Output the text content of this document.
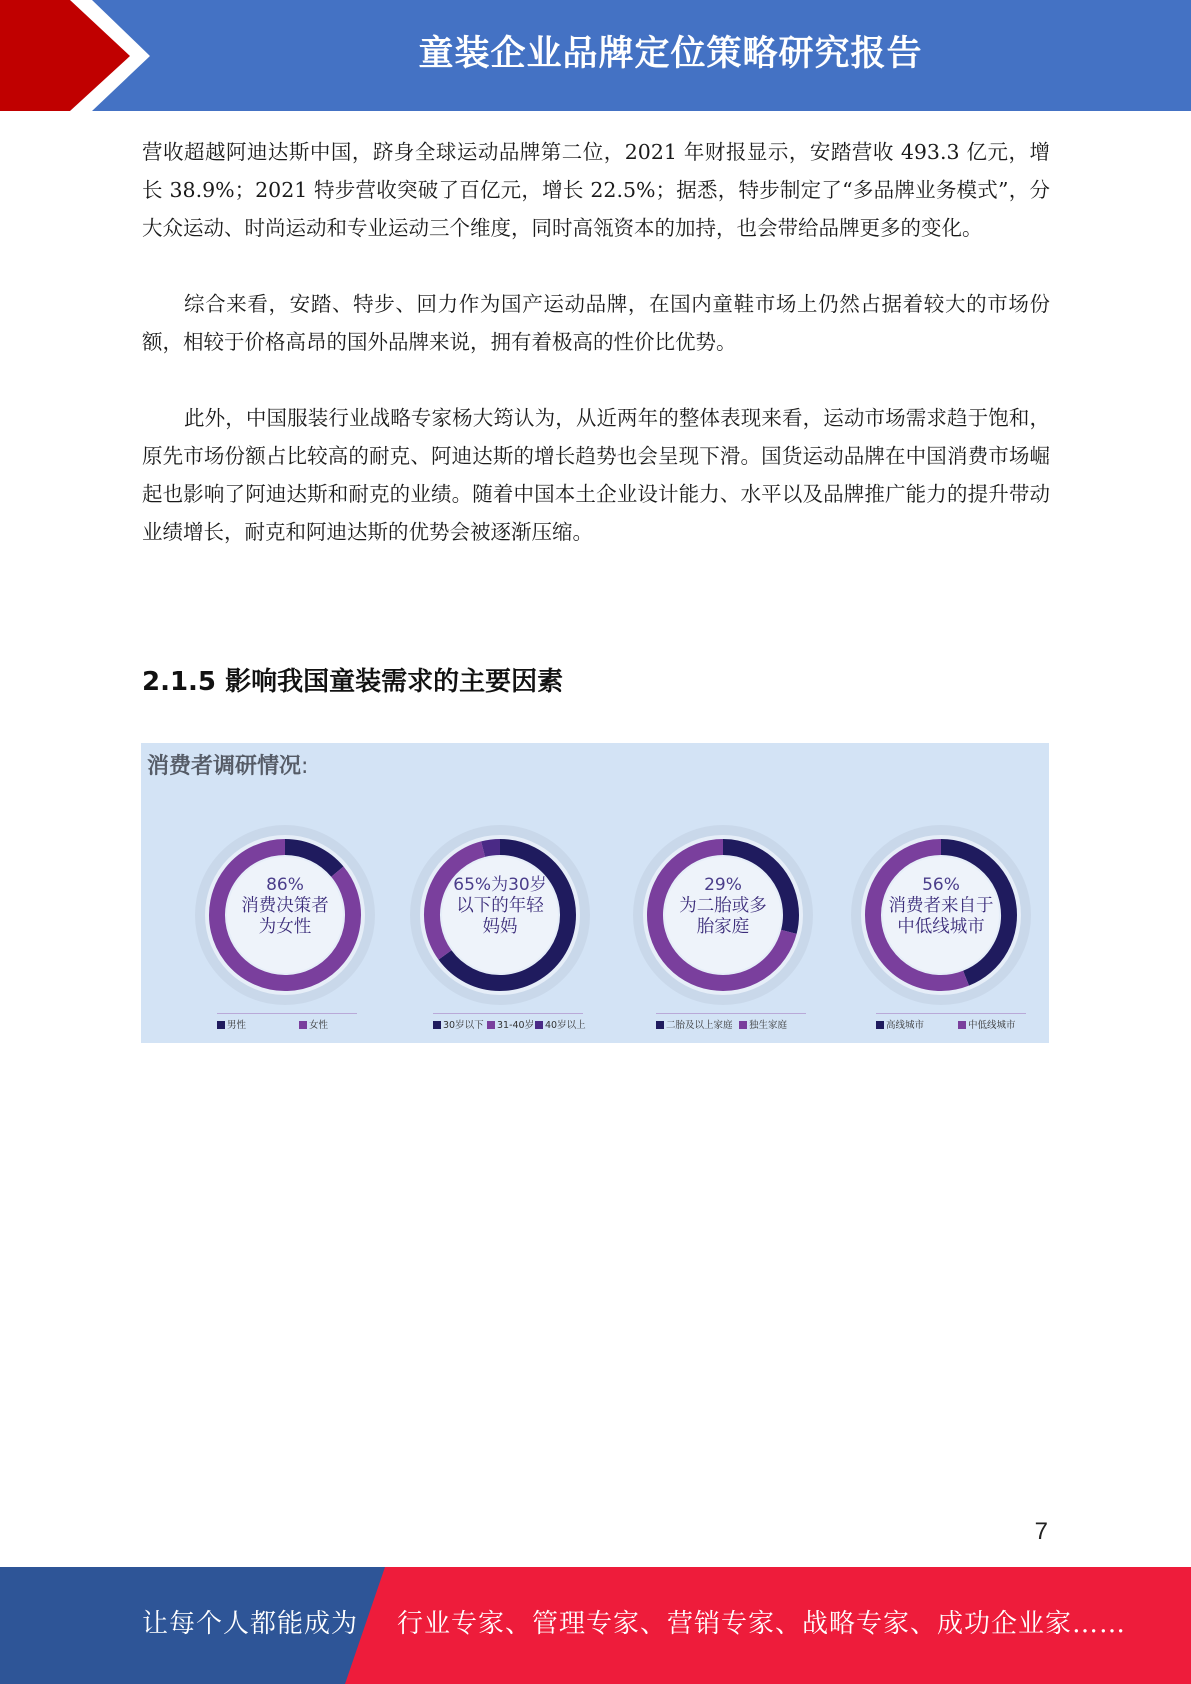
童装企业品牌定位策略研究报告

营收超越阿迪达斯中国，跻身全球运动品牌第二位，2021 年财报显示，安踏营收 493.3 亿元，增长 38.9%；2021 特步营收突破了百亿元，增长 22.5%；据悉，特步制定了“多品牌业务模式”，分大众运动、时尚运动和专业运动三个维度，同时高瓴资本的加持，也会带给品牌更多的变化。

综合来看，安踏、特步、回力作为国产运动品牌，在国内童鞋市场上仍然占据着较大的市场份额，相较于价格高昂的国外品牌来说，拥有着极高的性价比优势。

此外，中国服装行业战略专家杨大筠认为，从近两年的整体表现来看，运动市场需求趋于饱和，原先市场份额占比较高的耐克、阿迪达斯的增长趋势也会呈现下滑。国货运动品牌在中国消费市场崛起也影响了阿迪达斯和耐克的业绩。随着中国本土企业设计能力、水平以及品牌推广能力的提升带动业绩增长，耐克和阿迪达斯的优势会被逐渐压缩。

2.1.5 影响我国童装需求的主要因素

消费者调研情况:

86%
消费决策者
为女性
男性	女性
65%为30岁
以下的年轻
妈妈
30岁以下	31-40岁	40岁以上
29%
为二胎或多
胎家庭
二胎及以上家庭	独生家庭
56%
消费者来自于
中低线城市
高线城市	中低线城市
7
让每个人都能成为 行业专家、管理专家、营销专家、战略专家、成功企业家……
